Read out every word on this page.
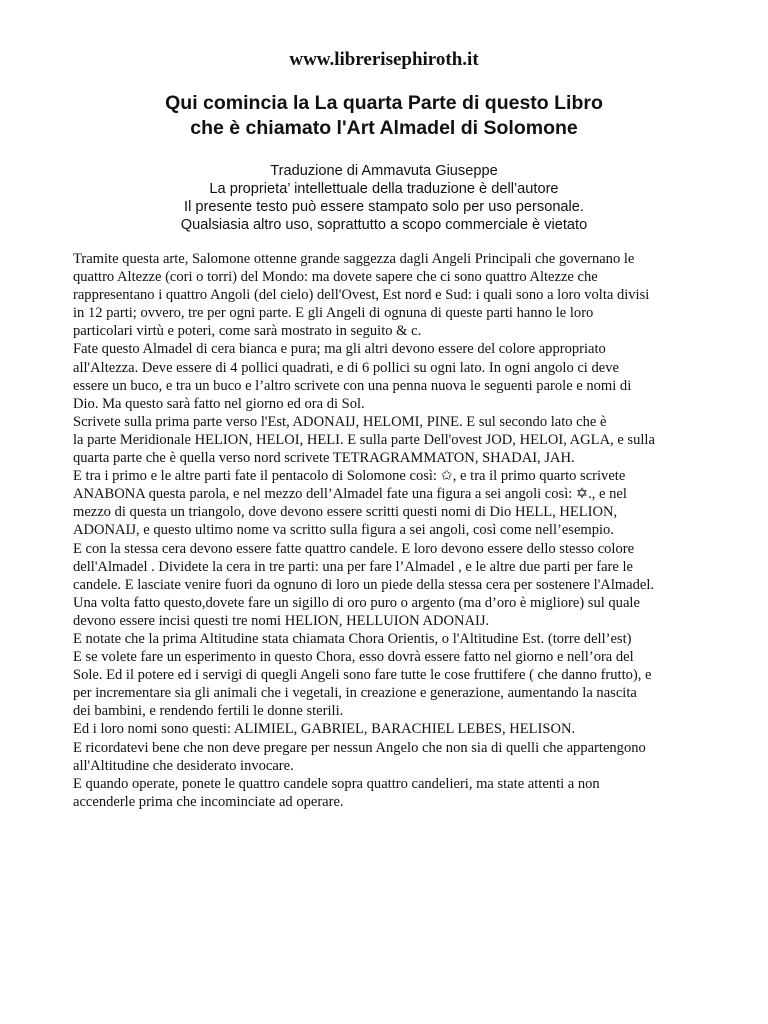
www.librerisephiroth.it
Qui comincia la La quarta Parte di questo Libro
che è chiamato l'Art Almadel di Solomone
Traduzione di Ammavuta Giuseppe
La proprieta’ intellettuale della traduzione è dell’autore
Il presente testo può essere stampato solo per uso personale.
Qualsiasia altro uso, soprattutto a scopo commerciale è vietato
Tramite questa arte, Salomone ottenne grande saggezza dagli Angeli Principali che governano le
quattro Altezze (cori o torri) del Mondo: ma dovete sapere che ci sono quattro Altezze che
rappresentano i quattro Angoli (del cielo) dell'Ovest, Est nord e Sud: i quali sono a loro volta divisi
in 12 parti; ovvero, tre per ogni parte. E gli Angeli di ognuna di queste parti hanno le loro
particolari virtù e poteri, come sarà mostrato in seguito & c.
Fate questo Almadel di cera bianca e pura; ma gli altri devono essere del colore appropriato
all'Altezza. Deve essere di 4 pollici quadrati, e di 6 pollici su ogni lato. In ogni angolo ci deve
essere un buco, e tra un buco e l’altro scrivete con una penna nuova le seguenti parole e nomi di
Dio. Ma questo sarà fatto nel giorno ed ora di Sol.
Scrivete sulla prima parte verso l'Est, ADONAIJ, HELOMI, PINE. E sul secondo lato che è
la parte Meridionale HELION, HELOI, HELI. E sulla parte Dell'ovest JOD, HELOI, AGLA, e sulla
quarta parte che è quella verso nord scrivete TETRAGRAMMATON, SHADAI, JAH.
E tra i primo e le altre parti fate il pentacolo di Solomone così: ✩, e tra il primo quarto scrivete
ANABONA questa parola, e nel mezzo dell’Almadel fate una figura a sei angoli così: ✡., e nel
mezzo di questa un triangolo, dove devono essere scritti questi nomi di Dio HELL, HELION,
ADONAIJ, e questo ultimo nome va scritto sulla figura a sei angoli, così come nell’esempio.
E con la stessa cera devono essere fatte quattro candele. E loro devono essere dello stesso colore
dell'Almadel . Dividete la cera in tre parti: una per fare l’Almadel , e le altre due parti per fare le
candele. E lasciate venire fuori da ognuno di loro un piede della stessa cera per sostenere l'Almadel.
Una volta fatto questo,dovete fare un sigillo di oro puro o argento (ma d’oro è migliore) sul quale
devono essere incisi questi tre nomi HELION, HELLUION ADONAIJ.
E notate che la prima Altitudine stata chiamata Chora Orientis, o l'Altitudine Est. (torre dell’est)
E se volete fare un esperimento in questo Chora, esso dovrà essere fatto nel giorno e nell’ora del
Sole. Ed il potere ed i servigi di quegli Angeli sono fare tutte le cose fruttifere ( che danno frutto), e
per incrementare sia gli animali che i vegetali, in creazione e generazione, aumentando la nascita
dei bambini, e rendendo fertili le donne sterili.
Ed i loro nomi sono questi: ALIMIEL, GABRIEL, BARACHIEL LEBES, HELISON.
E ricordatevi bene che non deve pregare per nessun Angelo che non sia di quelli che appartengono
all'Altitudine che desiderato invocare.
E quando operate, ponete le quattro candele sopra quattro candelieri, ma state attenti a non
accenderle prima che incominciate ad operare.
